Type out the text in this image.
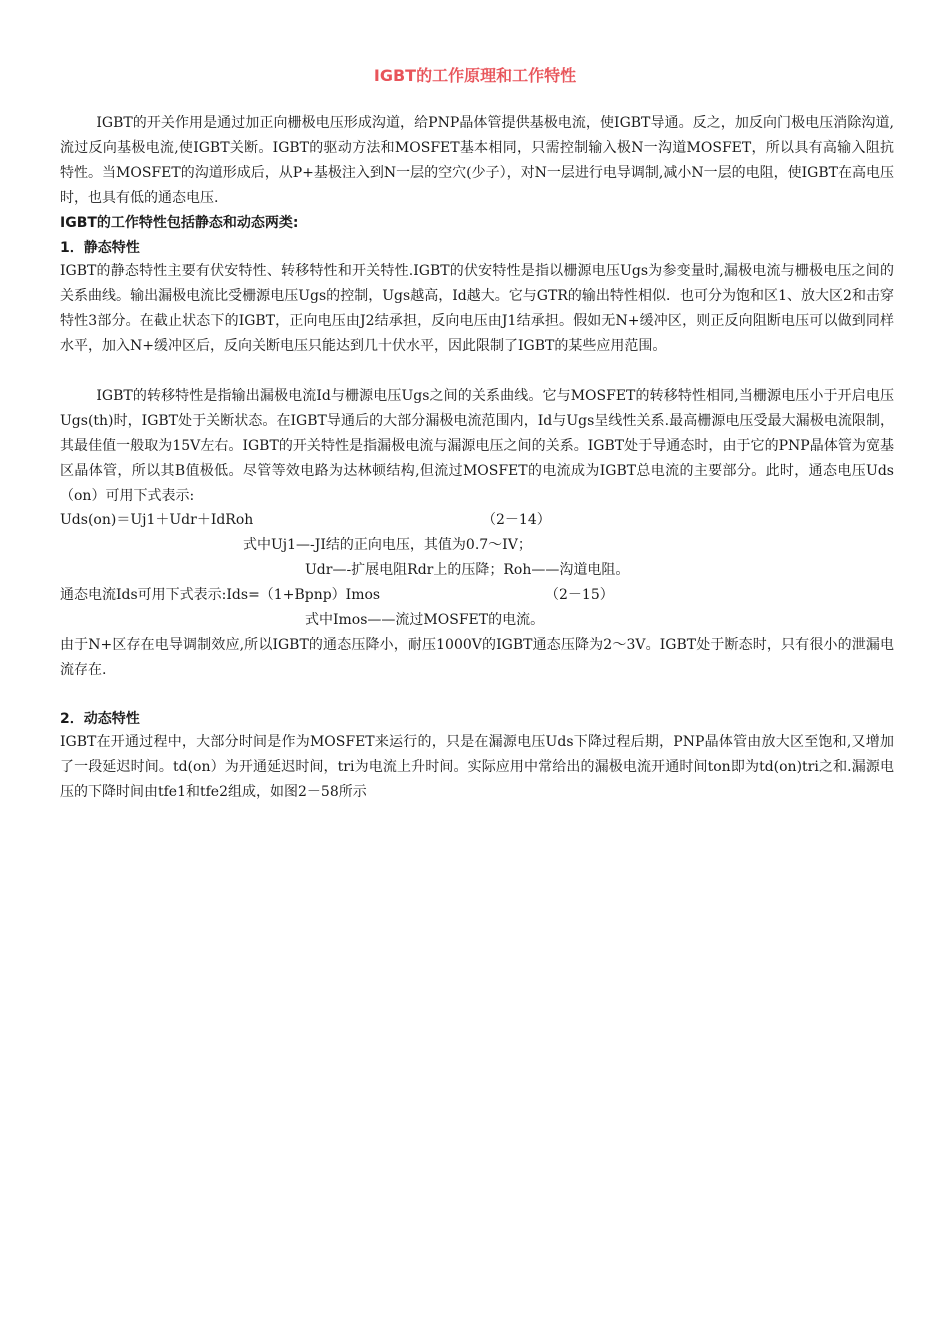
IGBT的工作原理和工作特性

IGBT的开关作用是通过加正向栅极电压形成沟道，给PNP晶体管提供基极电流，使IGBT导通。反之，加反向门极电压消除沟道,流过反向基极电流,使IGBT关断。IGBT的驱动方法和MOSFET基本相同，只需控制输入极N一沟道MOSFET，所以具有高输入阻抗特性。当MOSFET的沟道形成后，从P+基极注入到N一层的空穴(少子），对N一层进行电导调制,减小N一层的电阻，使IGBT在高电压时，也具有低的通态电压.

IGBT的工作特性包括静态和动态两类:
1．静态特性

IGBT的静态特性主要有伏安特性、转移特性和开关特性.IGBT的伏安特性是指以栅源电压Ugs为参变量时,漏极电流与栅极电压之间的关系曲线。输出漏极电流比受栅源电压Ugs的控制，Ugs越高，Id越大。它与GTR的输出特性相似．也可分为饱和区1、放大区2和击穿特性3部分。在截止状态下的IGBT，正向电压由J2结承担，反向电压由J1结承担。假如无N+缓冲区，则正反向阻断电压可以做到同样水平，加入N+缓冲区后，反向关断电压只能达到几十伏水平，因此限制了IGBT的某些应用范围。

IGBT的转移特性是指输出漏极电流Id与栅源电压Ugs之间的关系曲线。它与MOSFET的转移特性相同,当栅源电压小于开启电压Ugs(th)时，IGBT处于关断状态。在IGBT导通后的大部分漏极电流范围内，Id与Ugs呈线性关系.最高栅源电压受最大漏极电流限制，其最佳值一般取为15V左右。IGBT的开关特性是指漏极电流与漏源电压之间的关系。IGBT处于导通态时，由于它的PNP晶体管为宽基区晶体管，所以其B值极低。尽管等效电路为达林顿结构,但流过MOSFET的电流成为IGBT总电流的主要部分。此时，通态电压Uds（on）可用下式表示:

Uds(on)＝Uj1＋Udr＋IdRoh	（2－14）
式中Uj1—-JI结的正向电压，其值为0.7～IV；
Udr—-扩展电阻Rdr上的压降；Roh——沟道电阻。
通态电流Ids可用下式表示:Ids=（1+Bpnp）Imos	（2－15）
式中Imos——流过MOSFET的电流。

由于N+区存在电导调制效应,所以IGBT的通态压降小，耐压1000V的IGBT通态压降为2～3V。IGBT处于断态时，只有很小的泄漏电流存在.

2．动态特性

IGBT在开通过程中，大部分时间是作为MOSFET来运行的，只是在漏源电压Uds下降过程后期，PNP晶体管由放大区至饱和,又增加了一段延迟时间。td(on）为开通延迟时间，tri为电流上升时间。实际应用中常给出的漏极电流开通时间ton即为td(on)tri之和.漏源电压的下降时间由tfe1和tfe2组成，如图2－58所示
